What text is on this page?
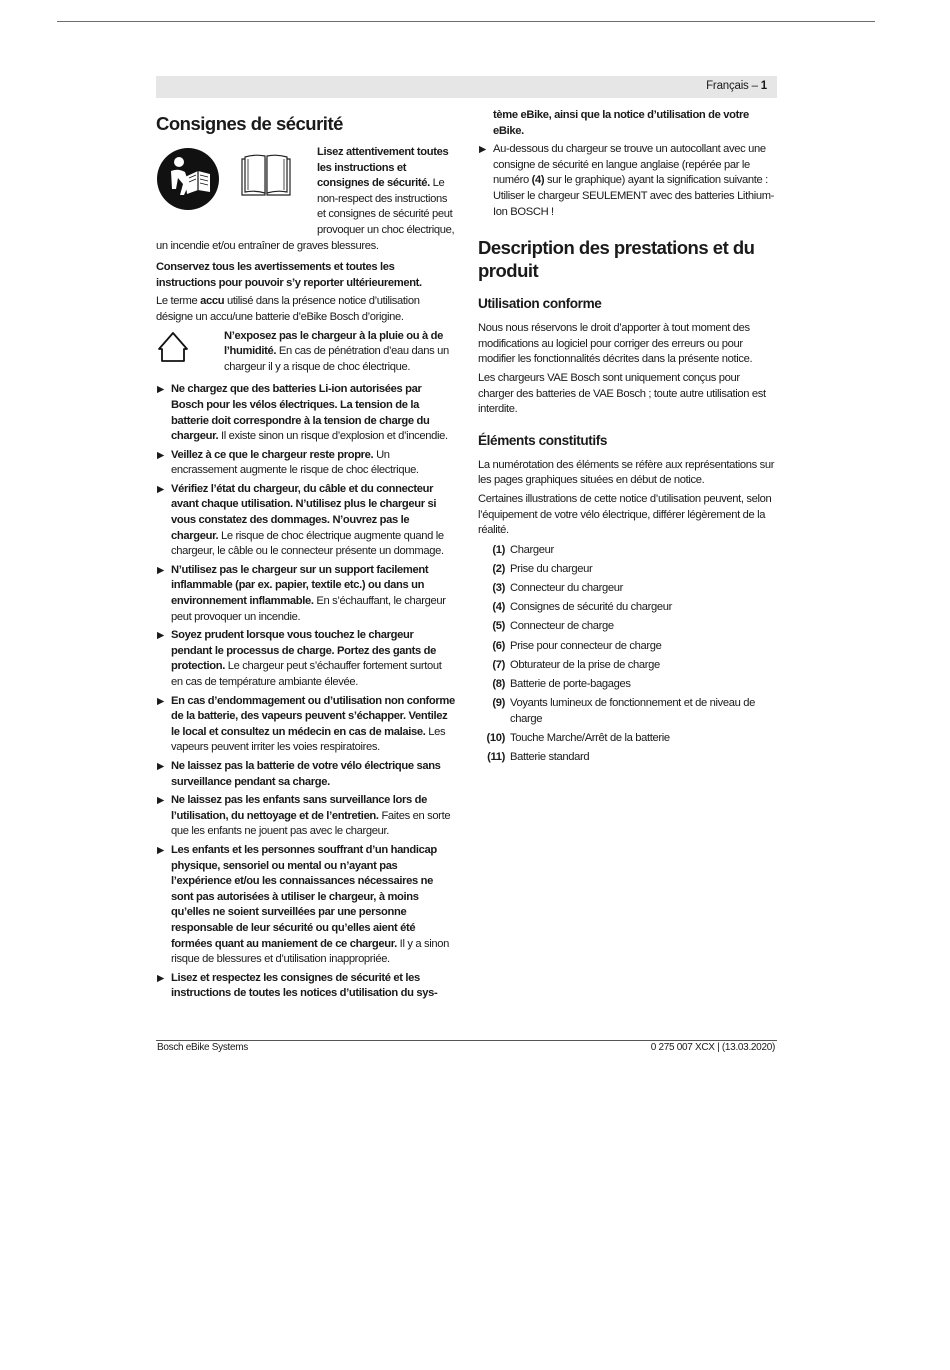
Français – 1
Consignes de sécurité

Lisez attentivement toutes les instructions et consignes de sécurité. Le non-respect des instructions et consignes de sécurité peut provoquer un choc électrique, un incendie et/ou entraîner de graves blessures.

Conservez tous les avertissements et toutes les instructions pour pouvoir s’y reporter ultérieurement.

Le terme accu utilisé dans la présence notice d’utilisation désigne un accu/une batterie d’eBike Bosch d’origine.

N’exposez pas le chargeur à la pluie ou à de l’humidité. En cas de pénétration d’eau dans un chargeur il y a risque de choc électrique.

▶ Ne chargez que des batteries Li-ion autorisées par Bosch pour les vélos électriques. La tension de la batterie doit correspondre à la tension de charge du chargeur. Il existe sinon un risque d’explosion et d’incendie.
▶ Veillez à ce que le chargeur reste propre. Un encrassement augmente le risque de choc électrique.
▶ Vérifiez l’état du chargeur, du câble et du connecteur avant chaque utilisation. N’utilisez plus le chargeur si vous constatez des dommages. N’ouvrez pas le chargeur. Le risque de choc électrique augmente quand le chargeur, le câble ou le connecteur présente un dommage.
▶ N’utilisez pas le chargeur sur un support facilement inflammable (par ex. papier, textile etc.) ou dans un environnement inflammable. En s’échauffant, le chargeur peut provoquer un incendie.
▶ Soyez prudent lorsque vous touchez le chargeur pendant le processus de charge. Portez des gants de protection. Le chargeur peut s’échauffer fortement surtout en cas de température ambiante élevée.
▶ En cas d’endommagement ou d’utilisation non conforme de la batterie, des vapeurs peuvent s’échapper. Ventilez le local et consultez un médecin en cas de malaise. Les vapeurs peuvent irriter les voies respiratoires.
▶ Ne laissez pas la batterie de votre vélo électrique sans surveillance pendant sa charge.
▶ Ne laissez pas les enfants sans surveillance lors de l’utilisation, du nettoyage et de l’entretien. Faites en sorte que les enfants ne jouent pas avec le chargeur.
▶ Les enfants et les personnes souffrant d’un handicap physique, sensoriel ou mental ou n’ayant pas l’expérience et/ou les connaissances nécessaires ne sont pas autorisées à utiliser le chargeur, à moins qu’elles ne soient surveillées par une personne responsable de leur sécurité ou qu’elles aient été formées quant au maniement de ce chargeur. Il y a sinon risque de blessures et d’utilisation inappropriée.
▶ Lisez et respectez les consignes de sécurité et les instructions de toutes les notices d’utilisation du sys-

tème eBike, ainsi que la notice d’utilisation de votre eBike.

▶ Au-dessous du chargeur se trouve un autocollant avec une consigne de sécurité en langue anglaise (repérée par le numéro (4) sur le graphique) ayant la signification suivante : Utiliser le chargeur SEULEMENT avec des batteries Lithium-Ion BOSCH !
Description des prestations et du produit
Utilisation conforme

Nous nous réservons le droit d’apporter à tout moment des modifications au logiciel pour corriger des erreurs ou pour modifier les fonctionnalités décrites dans la présente notice.

Les chargeurs VAE Bosch sont uniquement conçus pour charger des batteries de VAE Bosch ; toute autre utilisation est interdite.

Éléments constitutifs

La numérotation des éléments se réfère aux représentations sur les pages graphiques situées en début de notice.

Certaines illustrations de cette notice d’utilisation peuvent, selon l’équipement de votre vélo électrique, différer légèrement de la réalité.

(1) Chargeur
(2) Prise du chargeur
(3) Connecteur du chargeur
(4) Consignes de sécurité du chargeur
(5) Connecteur de charge
(6) Prise pour connecteur de charge
(7) Obturateur de la prise de charge
(8) Batterie de porte-bagages
(9) Voyants lumineux de fonctionnement et de niveau de charge
(10) Touche Marche/Arrêt de la batterie
(11) Batterie standard
Bosch eBike Systems	0 275 007 XCX | (13.03.2020)
